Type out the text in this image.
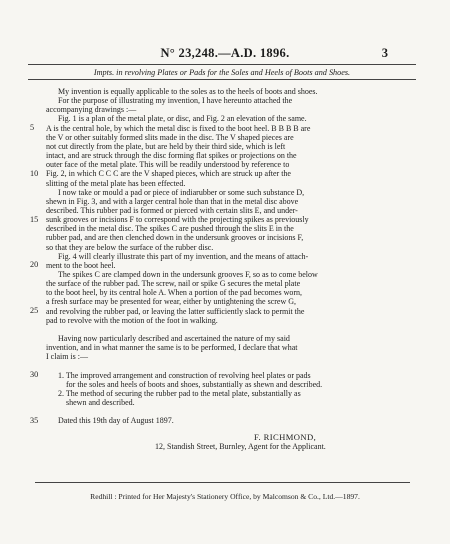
N° 23,248.—A.D. 1896.	3
Impts. in revolving Plates or Pads for the Soles and Heels of Boots and Shoes.
My invention is equally applicable to the soles as to the heels of boots and shoes.
For the purpose of illustrating my invention, I have hereunto attached the
accompanying drawings :—
Fig. 1 is a plan of the metal plate, or disc, and Fig. 2 an elevation of the same.
A is the central hole, by which the metal disc is fixed to the boot heel. B B B B are
5
the V or other suitably formed slits made in the disc. The V shaped pieces are
not cut directly from the plate, but are held by their third side, which is left
intact, and are struck through the disc forming flat spikes or projections on the
outer face of the metal plate. This will be readily understood by reference to
Fig. 2, in which C C C are the V shaped pieces, which are struck up after the
10
slitting of the metal plate has been effected.
I now take or mould a pad or piece of indiarubber or some such substance D,
shewn in Fig. 3, and with a larger central hole than that in the metal disc above
described. This rubber pad is formed or pierced with certain slits E, and under-
sunk grooves or incisions F to correspond with the projecting spikes as previously
15
described in the metal disc. The spikes C are pushed through the slits E in the
rubber pad, and are then clenched down in the undersunk grooves or incisions F,
so that they are below the surface of the rubber disc.
Fig. 4 will clearly illustrate this part of my invention, and the means of attach-
ment to the boot heel.
20
The spikes C are clamped down in the undersunk grooves F, so as to come below
the surface of the rubber pad. The screw, nail or spike G secures the metal plate
to the boot heel, by its central hole A. When a portion of the pad becomes worn,
a fresh surface may be presented for wear, either by untightening the screw G,
and revolving the rubber pad, or leaving the latter sufficiently slack to permit the
25
pad to revolve with the motion of the foot in walking.
Having now particularly described and ascertained the nature of my said
invention, and in what manner the same is to be performed, I declare that what
I claim is :—
1. The improved arrangement and construction of revolving heel plates or pads
30
for the soles and heels of boots and shoes, substantially as shewn and described.
2. The method of securing the rubber pad to the metal plate, substantially as
shewn and described.
Dated this 19th day of August 1897.
35
F. RICHMOND,
12, Standish Street, Burnley, Agent for the Applicant.
Redhill : Printed for Her Majesty's Stationery Office, by Malcomson & Co., Ltd.—1897.
